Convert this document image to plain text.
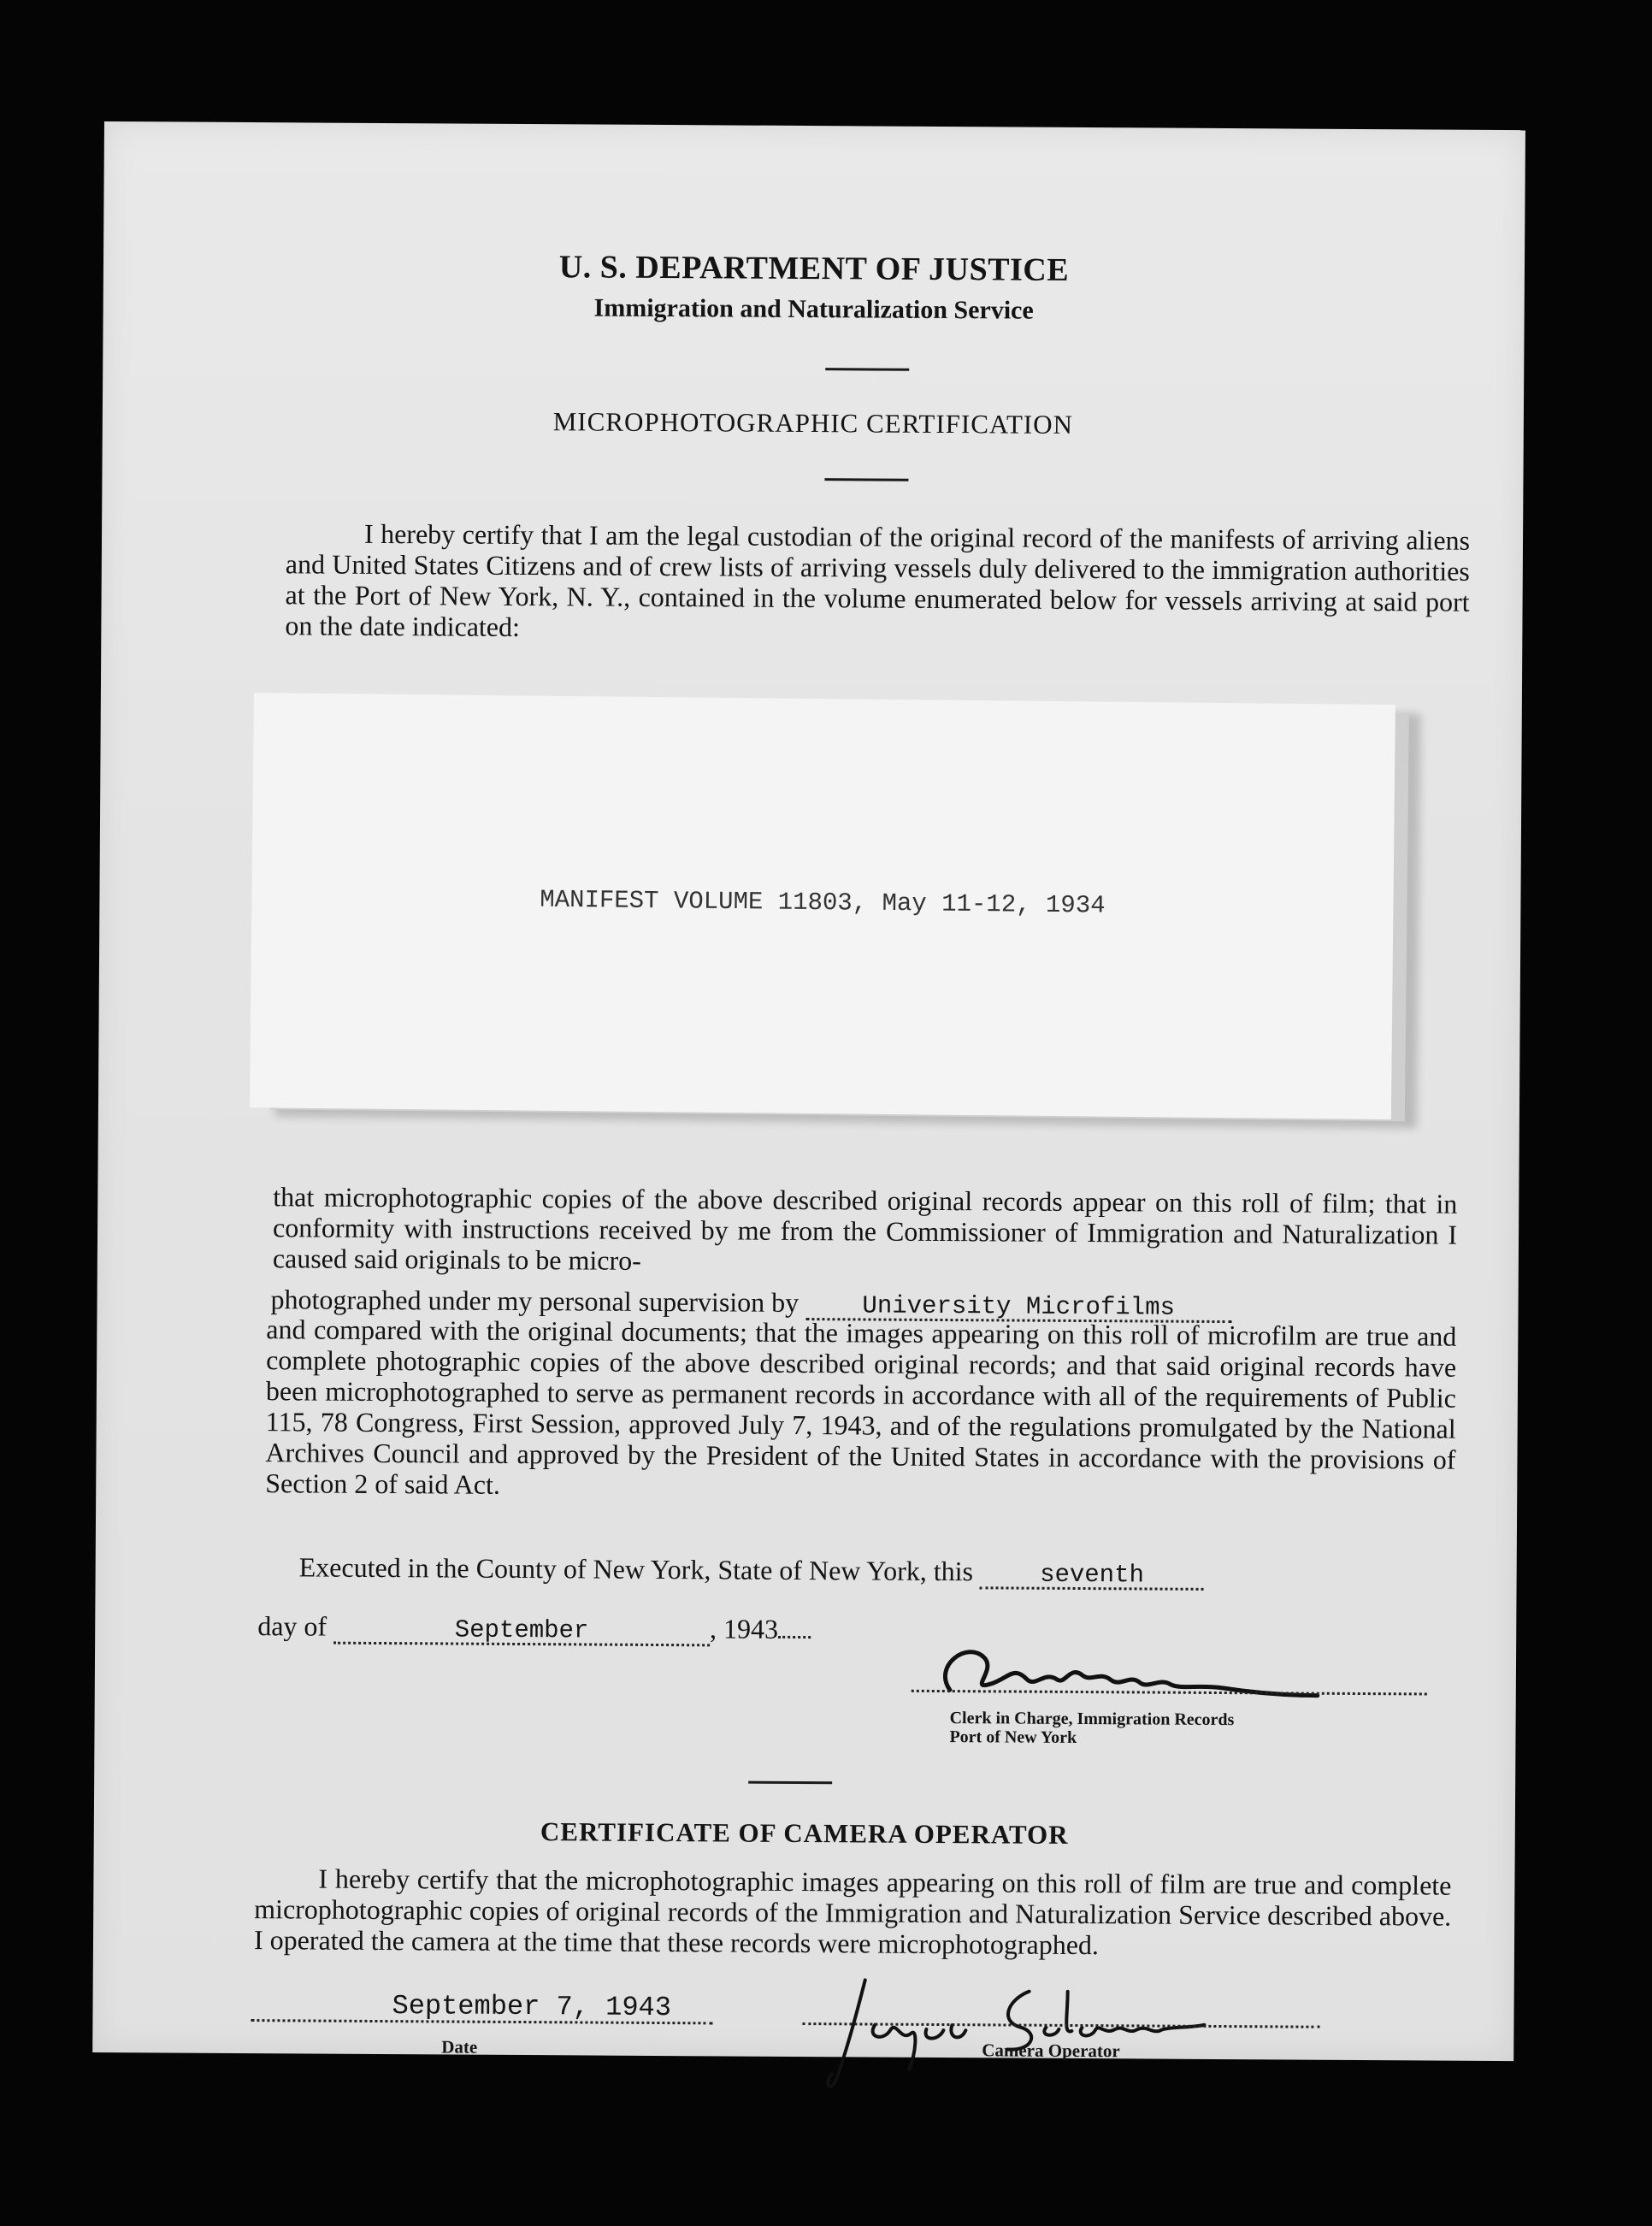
U. S. DEPARTMENT OF JUSTICE
Immigration and Naturalization Service
MICROPHOTOGRAPHIC CERTIFICATION
I hereby certify that I am the legal custodian of the original record of the manifests of arriving aliens and United States Citizens and of crew lists of arriving vessels duly delivered to the immigration authorities at the Port of New York, N. Y., contained in the volume enumerated below for vessels arriving at said port on the date indicated:
MANIFEST VOLUME 11803, May 11-12, 1934
that microphotographic copies of the above described original records appear on this roll of film; that in conformity with instructions received by me from the Commissioner of Immigration and Naturalization I caused said originals to be micro-
photographed under my personal supervision by	University Microfilms
and compared with the original documents; that the images appearing on this roll of microfilm are true and complete photographic copies of the above described original records; and that said original records have been microphotographed to serve as permanent records in accordance with all of the requirements of Public 115, 78 Congress, First Session, approved July 7, 1943, and of the regulations promulgated by the National Archives Council and approved by the President of the United States in accordance with the provisions of Section 2 of said Act.
Executed in the County of New York, State of New York, this	seventh
day of	September	, 1943
Clerk in Charge, Immigration Records
Port of New York
CERTIFICATE OF CAMERA OPERATOR
I hereby certify that the microphotographic images appearing on this roll of film are true and complete microphotographic copies of original records of the Immigration and Naturalization Service described above. I operated the camera at the time that these records were microphotographed.
September 7, 1943
Date	Camera Operator
